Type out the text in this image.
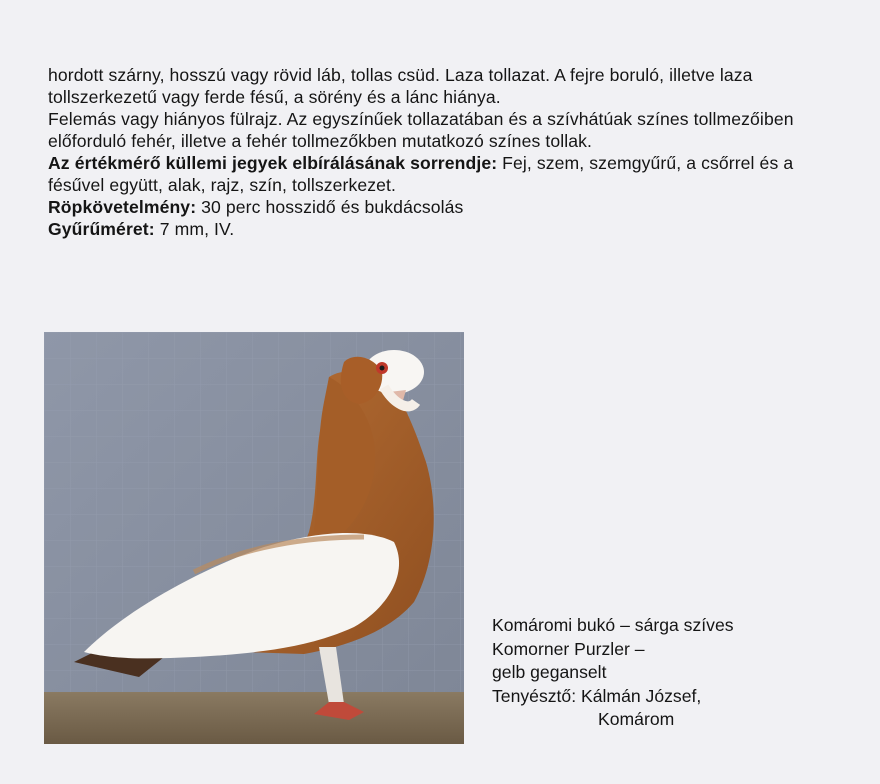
hordott szárny, hosszú vagy rövid láb, tollas csüd. Laza tollazat. A fejre boruló, illetve laza tollszerkezetű vagy ferde fésű, a sörény és a lánc hiánya.

Felemás vagy hiányos fülrajz. Az egyszínűek tollazatában és a szívhátúak színes tollmezőiben előforduló fehér, illetve a fehér tollmezőkben mutatkozó színes tollak.

Az értékmérő küllemi jegyek elbírálásának sorrendje: Fej, szem, szemgyűrű, a csőrrel és a fésűvel együtt, alak, rajz, szín, tollszerkezet.

Röpkövetelmény: 30 perc hosszidő és bukdácsolás

Gyűrűméret: 7 mm, IV.

Komáromi bukó – sárga szíves
Komorner Purzler –
gelb geganselt
Tenyésztő: Kálmán József,
Komárom
